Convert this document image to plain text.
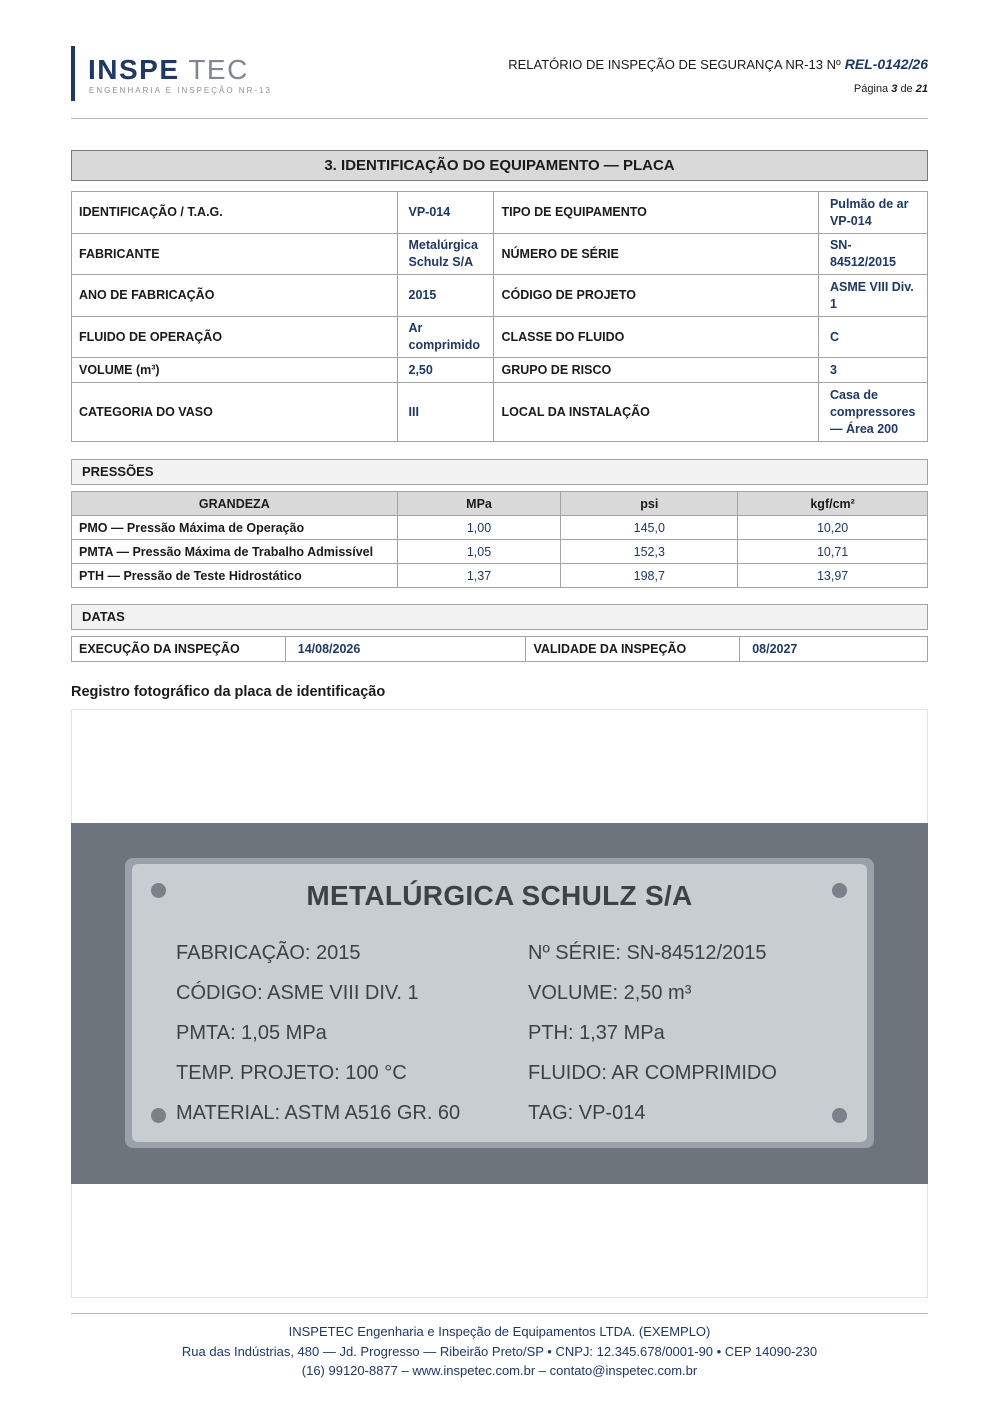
INSPE TEC
ENGENHARIA E INSPEÇÃO NR-13
RELATÓRIO DE INSPEÇÃO DE SEGURANÇA NR-13 Nº REL-0142/26
Página 3 de 21
3. IDENTIFICAÇÃO DO EQUIPAMENTO — PLACA
IDENTIFICAÇÃO / T.A.G.	VP-014	TIPO DE EQUIPAMENTO	Pulmão de ar VP-014
FABRICANTE	Metalúrgica Schulz S/A	NÚMERO DE SÉRIE	SN-84512/2015
ANO DE FABRICAÇÃO	2015	CÓDIGO DE PROJETO	ASME VIII Div. 1
FLUIDO DE OPERAÇÃO	Ar comprimido	CLASSE DO FLUIDO	C
VOLUME (m³)	2,50	GRUPO DE RISCO	3
CATEGORIA DO VASO	III	LOCAL DA INSTALAÇÃO	Casa de compressores — Área 200
PRESSÕES
GRANDEZA	MPa	psi	kgf/cm²
PMO — Pressão Máxima de Operação	1,00	145,0	10,20
PMTA — Pressão Máxima de Trabalho Admissível	1,05	152,3	10,71
PTH — Pressão de Teste Hidrostático	1,37	198,7	13,97
DATAS
EXECUÇÃO DA INSPEÇÃO	14/08/2026	VALIDADE DA INSPEÇÃO	08/2027
Registro fotográfico da placa de identificação
METALÚRGICA SCHULZ S/A
FABRICAÇÃO: 2015
CÓDIGO: ASME VIII DIV. 1
PMTA: 1,05 MPa
TEMP. PROJETO: 100 °C
MATERIAL: ASTM A516 GR. 60
Nº SÉRIE: SN-84512/2015
VOLUME: 2,50 m³
PTH: 1,37 MPa
FLUIDO: AR COMPRIMIDO
TAG: VP-014
INSPETEC Engenharia e Inspeção de Equipamentos LTDA. (EXEMPLO)
Rua das Indústrias, 480 — Jd. Progresso — Ribeirão Preto/SP • CNPJ: 12.345.678/0001-90 • CEP 14090-230
(16) 99120-8877 – www.inspetec.com.br – contato@inspetec.com.br
